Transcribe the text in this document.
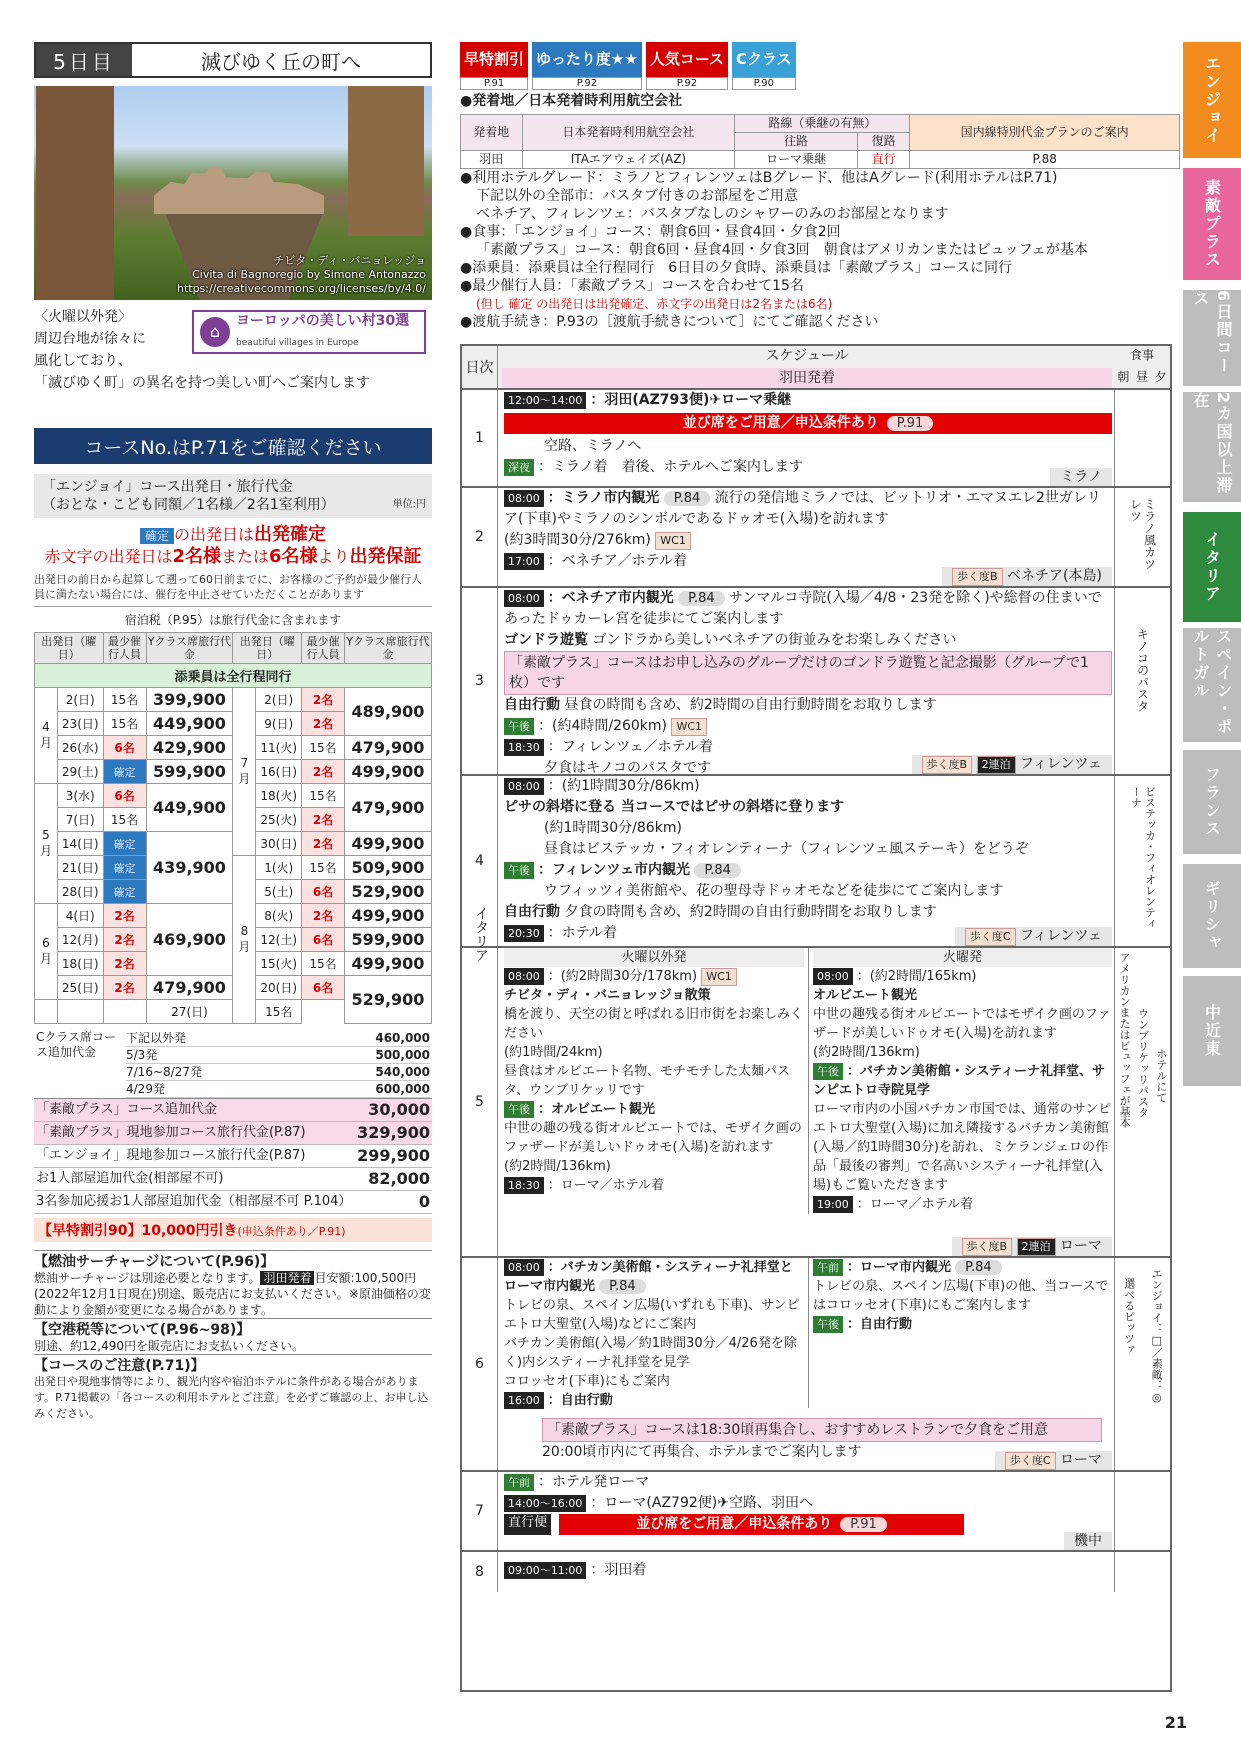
5日目	滅びゆく丘の町へ
チビタ・ディ・バニョレッジョ
Civita di Bagnoregio by Simone Antonazzo
https://creativecommons.org/licenses/by/4.0/
〈火曜以外発〉
周辺台地が徐々に
風化しており、
「滅びゆく町」の異名を持つ美しい町へご案内します
⌂
ヨーロッパの美しい村30選
beautiful villages in Europe
コースNo.はP.71をご確認ください
「エンジョイ」コース出発日・旅行代金
（おとな・こども同額／1名様／2名1室利用）	単位:円
確定 の出発日は出発確定
赤文字の出発日は2名様または6名様より出発保証
出発日の前日から起算して遡って60日前までに、お客様のご予約が最少催行人員に満たない場合には、催行を中止させていただくことがあります
宿泊税（P.95）は旅行代金に含まれます
出発日（曜日）		最少催行人員	Yクラス席旅行代金	出発日（曜日）		最少催行人員	Yクラス席旅行代金
添乗員は全行程同行							
4月	2(日)	15名	399,900	7月	2(日)	2名	489,900
	23(日)	15名	449,900		9(日)	2名	
	26(水)	6名	429,900		11(火)	15名	479,900
	29(土)	確定	599,900		16(日)	2名	499,900
5月	3(水)	6名	449,900		18(火)	15名	479,900
	7(日)	15名			25(火)	2名	
	14(日)	確定	439,900		30(日)	2名	499,900
	21(日)	確定		8月	1(火)	15名	509,900
	28(日)	確定			5(土)	6名	529,900
6月	4(日)	2名	469,900		8(火)	2名	499,900
	12(月)	2名			12(土)	6名	599,900
	18(日)	2名			15(火)	15名	499,900
	25(日)	2名	479,900		20(日)	6名	529,900
			27(日)		15名		
Cクラス席コース追加代金
下記以外発	460,000
5/3発	500,000
7/16~8/27発	540,000
4/29発	600,000
「素敵プラス」コース追加代金	30,000
「素敵プラス」現地参加コース旅行代金(P.87)	329,900
「エンジョイ」現地参加コース旅行代金(P.87)	299,900
お1人部屋追加代金(相部屋不可)	82,000
3名参加応援お1人部屋追加代金（相部屋不可 P.104）	0
【早特割引90】10,000円引き(申込条件あり／P.91)
【燃油サーチャージについて(P.96)】
燃油サーチャージは別途必要となります。 羽田発着 目安額:100,500円(2022年12月1日現在)別途、販売店にお支払いください。※原油価格の変動により金額が変更になる場合があります。
【空港税等について(P.96~98)】
別途、約12,490円を販売店にお支払いください。
【コースのご注意(P.71)】
出発日や現地事情等により、観光内容や宿泊ホテルに条件がある場合があります。P.71掲載の「各コースの利用ホテルとご注意」を必ずご確認の上、お申し込みください。
早特割引
P.91
ゆったり度★★
P.92
人気コース
P.92
Cクラス
P.90
●発着地／日本発着時利用航空会社
発着地	日本発着時利用航空会社	路線（乗継の有無）		国内線特別代金プランのご案内
		往路	復路	
羽田	ITAエアウェイズ(AZ)	ローマ乗継	直行	P.88
●利用ホテルグレード：ミラノとフィレンツェはBグレード、他はAグレード(利用ホテルはP.71)
下記以外の全部市：バスタブ付きのお部屋をご用意
ベネチア、フィレンツェ：バスタブなしのシャワーのみのお部屋となります
●食事：「エンジョイ」コース：朝食6回・昼食4回・夕食2回
「素敵プラス」コース：朝食6回・昼食4回・夕食3回　朝食はアメリカンまたはビュッフェが基本
●添乗員：添乗員は全行程同行　6日目の夕食時、添乗員は「素敵プラス」コースに同行
●最少催行人員：「素敵プラス」コースを合わせて15名
(但し 確定 の出発日は出発確定、赤文字の出発日は2名または6名)
●渡航手続き：P.93の［渡航手続きについて］にてご確認ください
日次
スケジュール
羽田発着
食事
朝 昼 夕
1
12:00～14:00 ：羽田(AZ793便)✈ローマ乗継
並び席をご用意／申込条件あり P.91
空路、ミラノへ
深夜 ：ミラノ着　着後、ホテルへご案内します
ミラノ
2
08:00 ：ミラノ市内観光 P.84 流行の発信地ミラノでは、ビットリオ・エマヌエレ2世ガレリア(下車)やミラノのシンボルであるドゥオモ(入場)を訪れます
(約3時間30分/276km) WC1
17:00 ：ベネチア／ホテル着
歩く度B ベネチア(本島)
ミラノ風カツレツ
3
08:00 ：ベネチア市内観光 P.84 サンマルコ寺院(入場／4/8・23発を除く)や総督の住まいであったドゥカーレ宮を徒歩にてご案内します
ゴンドラ遊覧 ゴンドラから美しいベネチアの街並みをお楽しみください
「素敵プラス」コースはお申し込みのグループだけのゴンドラ遊覧と記念撮影（グループで1枚）です
自由行動 昼食の時間も含め、約2時間の自由行動時間をお取りします
午後 ：(約4時間/260km) WC1
18:30 ：フィレンツェ／ホテル着
夕食はキノコのパスタです	歩く度B 2連泊 フィレンツェ
キノコのパスタ
4
08:00 ：(約1時間30分/86km)
ピサの斜塔に登る 当コースではピサの斜塔に登ります
(約1時間30分/86km)
昼食はビステッカ・フィオレンティーナ（フィレンツェ風ステーキ）をどうぞ
午後 ：フィレンツェ市内観光 P.84
ウフィッツィ美術館や、花の聖母寺ドゥオモなどを徒歩にてご案内します
自由行動 夕食の時間も含め、約2時間の自由行動時間をお取りします
20:30 ：ホテル着	歩く度C フィレンツェ
ビステッカ・フィオレンティーナ
5
火曜以外発
08:00 ：(約2時間30分/178km) WC1
チビタ・ディ・バニョレッジョ散策
橋を渡り、天空の街と呼ばれる旧市街をお楽しみください
(約1時間/24km)
昼食はオルビエート名物、モチモチした太麺パスタ、ウンブリケッリです
午後 ：オルビエート観光
中世の趣の残る街オルビエートでは、モザイク画のファザードが美しいドゥオモ(入場)を訪れます
(約2時間/136km)
18:30 ：ローマ／ホテル着
火曜発
08:00 ：(約2時間/165km)
オルビエート観光
中世の趣残る街オルビエートではモザイク画のファザードが美しいドゥオモ(入場)を訪れます
(約2時間/136km)
午後 ：バチカン美術館・システィーナ礼拝堂、サンピエトロ寺院見学
ローマ市内の小国バチカン市国では、通常のサンピエトロ大聖堂(入場)に加え隣接するバチカン美術館(入場／約1時間30分)を訪れ、ミケランジェロの作品「最後の審判」で名高いシスティーナ礼拝堂(入場)もご覧いただきます
19:00 ：ローマ／ホテル着
歩く度B 2連泊 ローマ
アメリカンまたはビュッフェが基本 ウンブリケッリパスタ ホテルにて
6
08:00 ：バチカン美術館・システィーナ礼拝堂とローマ市内観光 P.84
トレビの泉、スペイン広場(いずれも下車)、サンピエトロ大聖堂(入場)などにご案内
バチカン美術館(入場／約1時間30分／4/26発を除く)内システィーナ礼拝堂を見学
コロッセオ(下車)にもご案内
16:00 ：自由行動
午前 ：ローマ市内観光 P.84
トレビの泉、スペイン広場(下車)の他、当コースではコロッセオ(下車)にもご案内します
午後 ：自由行動
「素敵プラス」コースは18:30頃再集合し、おすすめレストランで夕食をご用意
20:00頃市内にて再集合、ホテルまでご案内します
歩く度C ローマ
選べるピッツァ エンジョイ：□／素敵：◎
7
午前 ：ホテル発ローマ
14:00～16:00 ：ローマ(AZ792便)✈空路、羽田へ
直行便	並び席をご用意／申込条件あり P.91
機中
8	09:00～11:00 ：羽田着
イタリア
21
エンジョイ
素敵プラス
6日間コース
2カ国以上滞在
イタリア
スペイン・ポルトガル
フランス
ギリシャ
中近東
